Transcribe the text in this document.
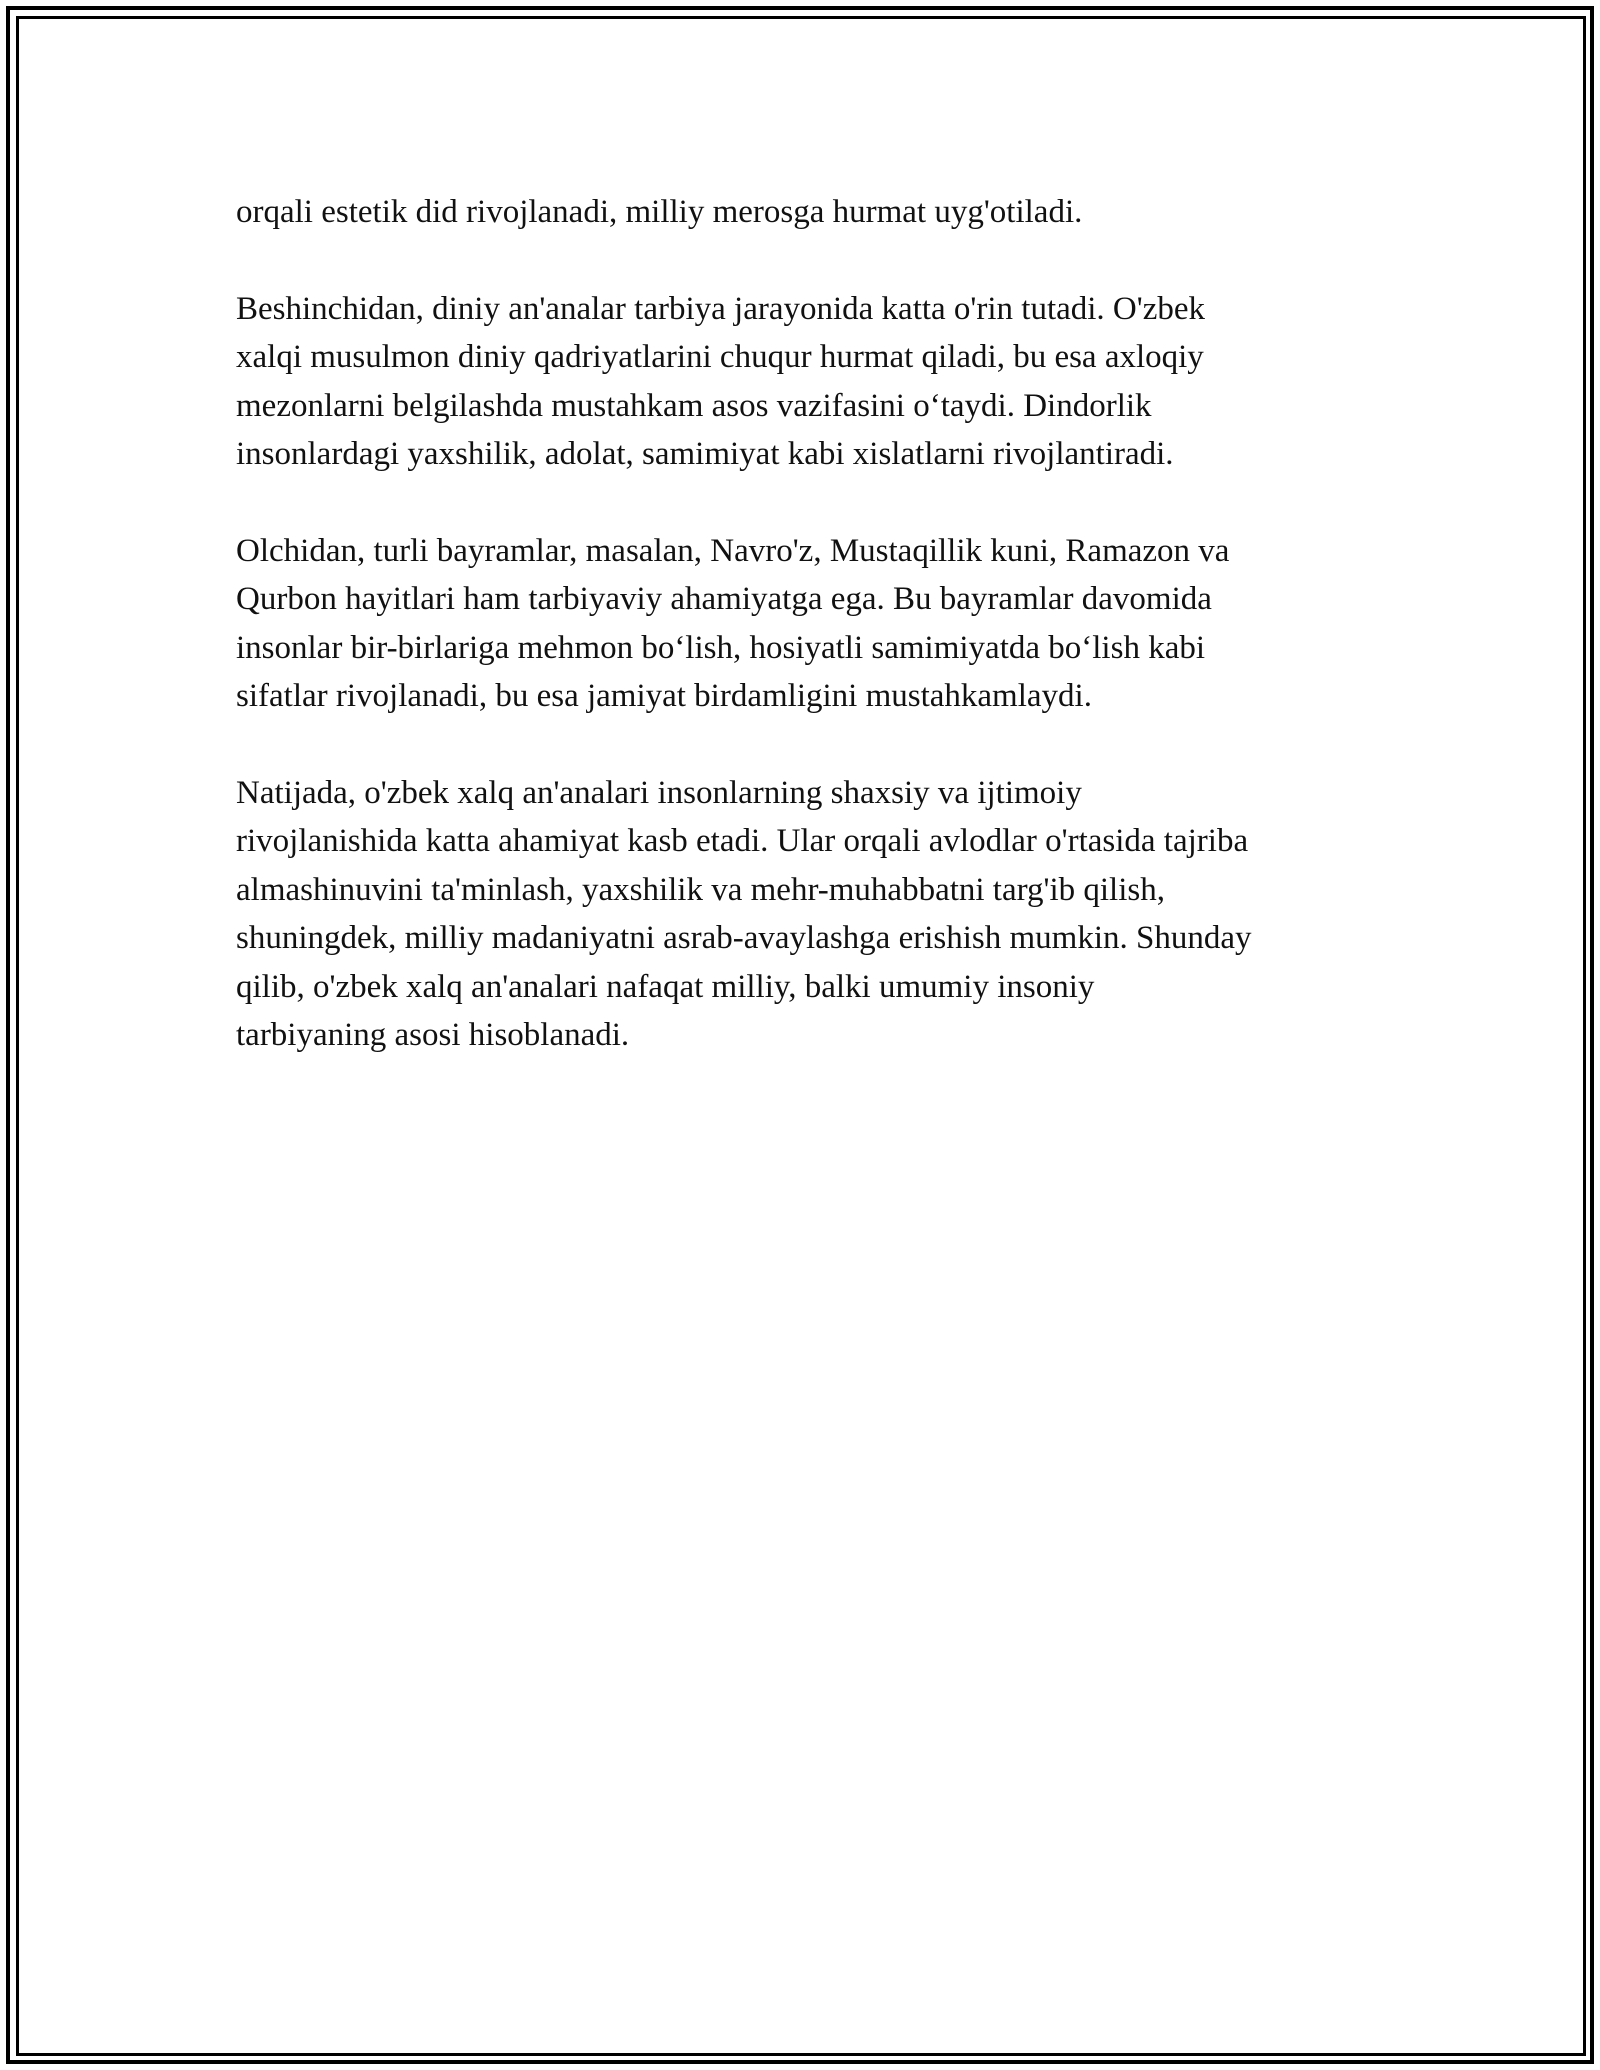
orqali estetik did rivojlanadi, milliy merosga hurmat uyg'otiladi.

Beshinchidan, diniy an'analar tarbiya jarayonida katta o'rin tutadi. O'zbek
xalqi musulmon diniy qadriyatlarini chuqur hurmat qiladi, bu esa axloqiy
mezonlarni belgilashda mustahkam asos vazifasini o‘taydi. Dindorlik
insonlardagi yaxshilik, adolat, samimiyat kabi xislatlarni rivojlantiradi.

Olchidan, turli bayramlar, masalan, Navro'z, Mustaqillik kuni, Ramazon va
Qurbon hayitlari ham tarbiyaviy ahamiyatga ega. Bu bayramlar davomida
insonlar bir-birlariga mehmon bo‘lish, hosiyatli samimiyatda bo‘lish kabi
sifatlar rivojlanadi, bu esa jamiyat birdamligini mustahkamlaydi.

Natijada, o'zbek xalq an'analari insonlarning shaxsiy va ijtimoiy
rivojlanishida katta ahamiyat kasb etadi. Ular orqali avlodlar o'rtasida tajriba
almashinuvini ta'minlash, yaxshilik va mehr-muhabbatni targ'ib qilish,
shuningdek, milliy madaniyatni asrab-avaylashga erishish mumkin. Shunday
qilib, o'zbek xalq an'analari nafaqat milliy, balki umumiy insoniy
tarbiyaning asosi hisoblanadi.
